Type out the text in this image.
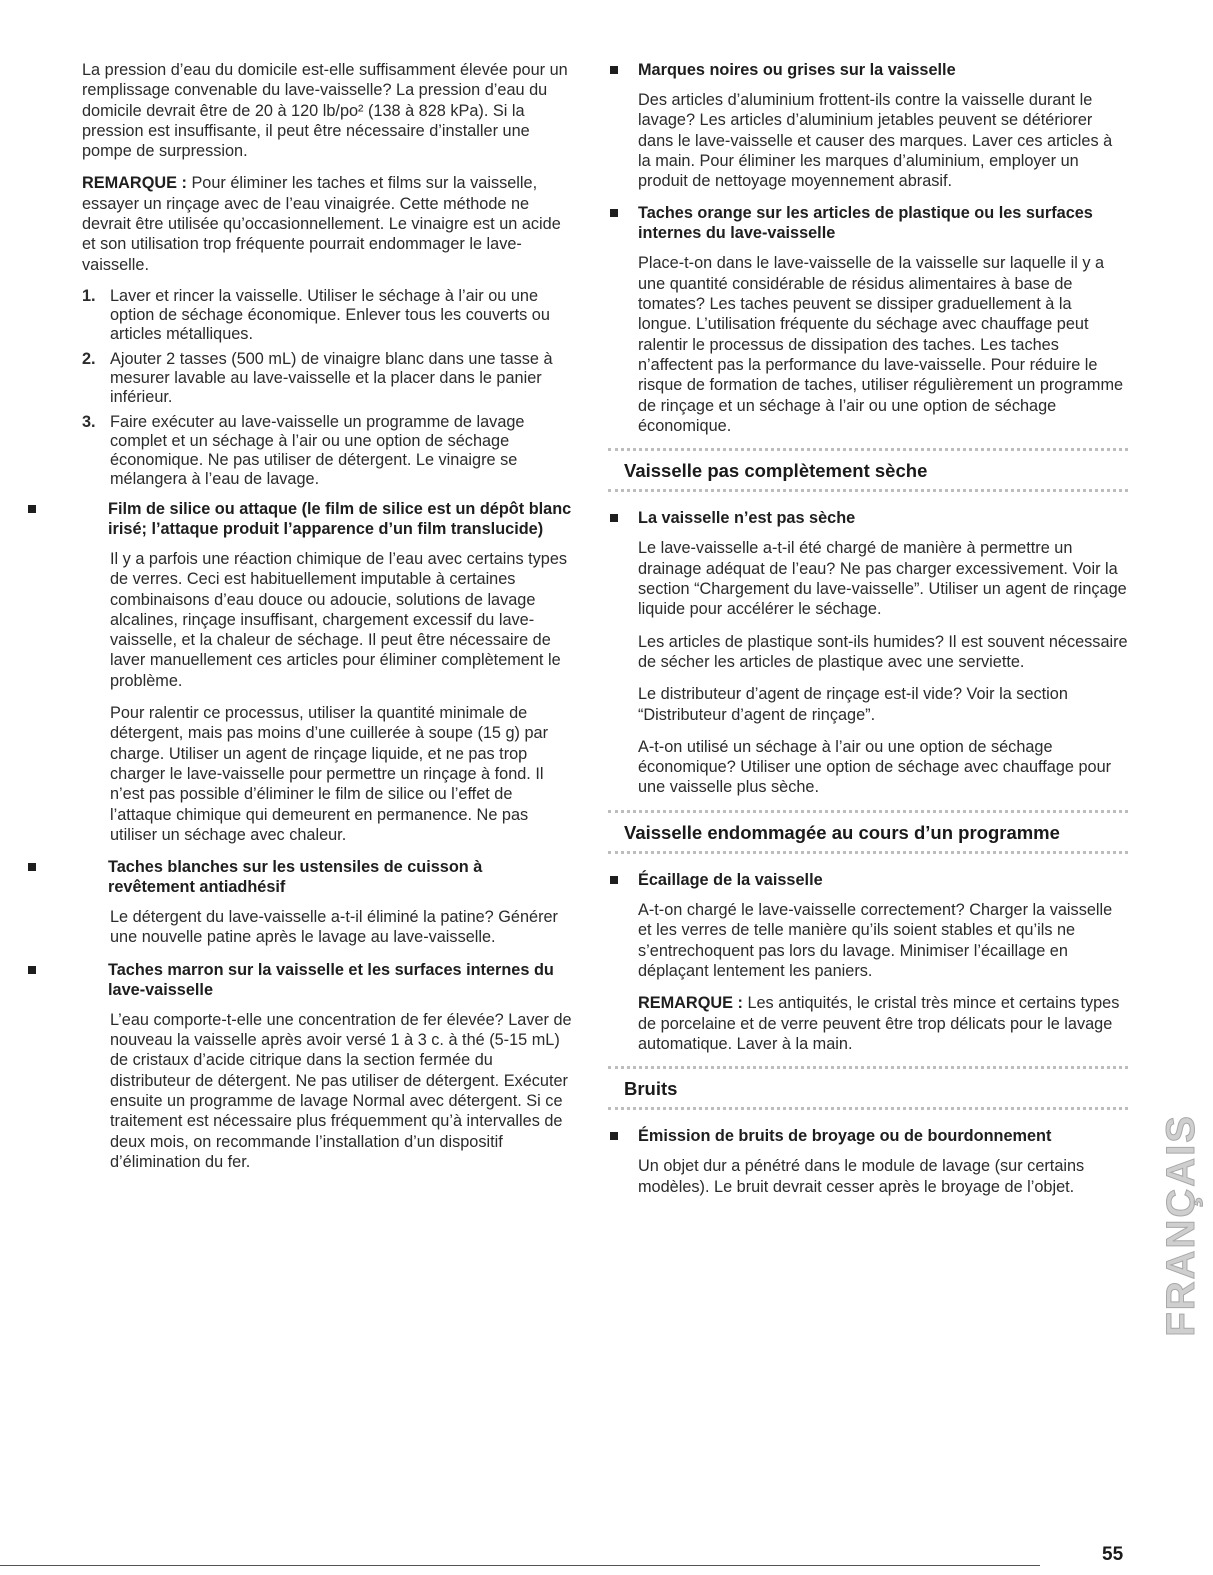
La pression d’eau du domicile est-elle suffisamment élevée pour un remplissage convenable du lave-vaisselle? La pression d’eau du domicile devrait être de 20 à 120 lb/po² (138 à 828 kPa). Si la pression est insuffisante, il peut être nécessaire d’installer une pompe de surpression.

REMARQUE : Pour éliminer les taches et films sur la vaisselle, essayer un rinçage avec de l’eau vinaigrée. Cette méthode ne devrait être utilisée qu’occasionnellement. Le vinaigre est un acide et son utilisation trop fréquente pourrait endommager le lave-vaisselle.

1. Laver et rincer la vaisselle. Utiliser le séchage à l’air ou une option de séchage économique. Enlever tous les couverts ou articles métalliques.
2. Ajouter 2 tasses (500 mL) de vinaigre blanc dans une tasse à mesurer lavable au lave-vaisselle et la placer dans le panier inférieur.
3. Faire exécuter au lave-vaisselle un programme de lavage complet et un séchage à l’air ou une option de séchage économique. Ne pas utiliser de détergent. Le vinaigre se mélangera à l’eau de lavage.
Film de silice ou attaque (le film de silice est un dépôt blanc irisé; l’attaque produit l’apparence d’un film translucide)

Il y a parfois une réaction chimique de l’eau avec certains types de verres. Ceci est habituellement imputable à certaines combinaisons d’eau douce ou adoucie, solutions de lavage alcalines, rinçage insuffisant, chargement excessif du lave-vaisselle, et la chaleur de séchage. Il peut être nécessaire de laver manuellement ces articles pour éliminer complètement le problème.

Pour ralentir ce processus, utiliser la quantité minimale de détergent, mais pas moins d’une cuillerée à soupe (15 g) par charge. Utiliser un agent de rinçage liquide, et ne pas trop charger le lave-vaisselle pour permettre un rinçage à fond. Il n’est pas possible d’éliminer le film de silice ou l’effet de l’attaque chimique qui demeurent en permanence. Ne pas utiliser un séchage avec chaleur.

Taches blanches sur les ustensiles de cuisson à revêtement antiadhésif

Le détergent du lave-vaisselle a-t-il éliminé la patine? Générer une nouvelle patine après le lavage au lave-vaisselle.

Taches marron sur la vaisselle et les surfaces internes du lave-vaisselle

L’eau comporte-t-elle une concentration de fer élevée? Laver de nouveau la vaisselle après avoir versé 1 à 3 c. à thé (5-15 mL) de cristaux d’acide citrique dans la section fermée du distributeur de détergent. Ne pas utiliser de détergent. Exécuter ensuite un programme de lavage Normal avec détergent. Si ce traitement est nécessaire plus fréquemment qu’à intervalles de deux mois, on recommande l’installation d’un dispositif d’élimination du fer.

Marques noires ou grises sur la vaisselle

Des articles d’aluminium frottent-ils contre la vaisselle durant le lavage? Les articles d’aluminium jetables peuvent se détériorer dans le lave-vaisselle et causer des marques. Laver ces articles à la main. Pour éliminer les marques d’aluminium, employer un produit de nettoyage moyennement abrasif.

Taches orange sur les articles de plastique ou les surfaces internes du lave-vaisselle

Place-t-on dans le lave-vaisselle de la vaisselle sur laquelle il y a une quantité considérable de résidus alimentaires à base de tomates? Les taches peuvent se dissiper graduellement à la longue. L’utilisation fréquente du séchage avec chauffage peut ralentir le processus de dissipation des taches. Les taches n’affectent pas la performance du lave-vaisselle. Pour réduire le risque de formation de taches, utiliser régulièrement un programme de rinçage et un séchage à l’air ou une option de séchage économique.

Vaisselle pas complètement sèche
La vaisselle n’est pas sèche

Le lave-vaisselle a-t-il été chargé de manière à permettre un drainage adéquat de l’eau? Ne pas charger excessivement. Voir la section “Chargement du lave-vaisselle”. Utiliser un agent de rinçage liquide pour accélérer le séchage.

Les articles de plastique sont-ils humides? Il est souvent nécessaire de sécher les articles de plastique avec une serviette.

Le distributeur d’agent de rinçage est-il vide? Voir la section “Distributeur d’agent de rinçage”.

A-t-on utilisé un séchage à l’air ou une option de séchage économique? Utiliser une option de séchage avec chauffage pour une vaisselle plus sèche.

Vaisselle endommagée au cours d’un programme
Écaillage de la vaisselle

A-t-on chargé le lave-vaisselle correctement? Charger la vaisselle et les verres de telle manière qu’ils soient stables et qu’ils ne s’entrechoquent pas lors du lavage. Minimiser l’écaillage en déplaçant lentement les paniers.

REMARQUE : Les antiquités, le cristal très mince et certains types de porcelaine et de verre peuvent être trop délicats pour le lavage automatique. Laver à la main.

Bruits
Émission de bruits de broyage ou de bourdonnement

Un objet dur a pénétré dans le module de lavage (sur certains modèles). Le bruit devrait cesser après le broyage de l’objet.	FRANÇAIS
55
